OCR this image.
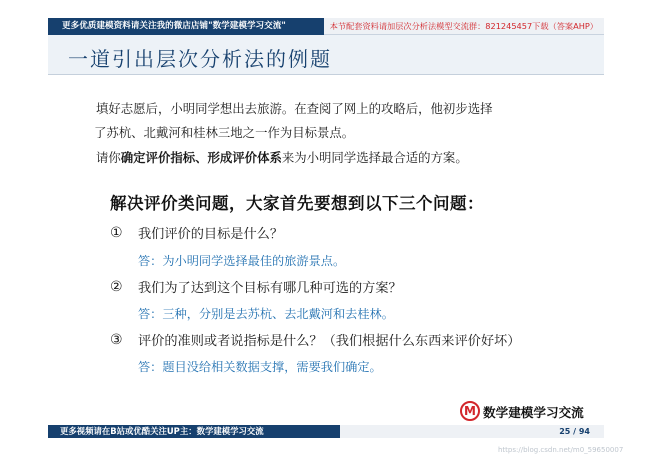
更多优质建模资料请关注我的微店店铺"数学建模学习交流"	本节配套资料请加层次分析法模型交流群：821245457下载（答案AHP）
一道引出层次分析法的例题
填好志愿后，小明同学想出去旅游。在查阅了网上的攻略后，他初步选择
了苏杭、北戴河和桂林三地之一作为目标景点。
请你确定评价指标、形成评价体系来为小明同学选择最合适的方案。
解决评价类问题，大家首先要想到以下三个问题：
①	我们评价的目标是什么？
答：为小明同学选择最佳的旅游景点。
②	我们为了达到这个目标有哪几种可选的方案？
答：三种，分别是去苏杭、去北戴河和去桂林。
③	评价的准则或者说指标是什么？（我们根据什么东西来评价好坏）
答：题目没给相关数据支撑，需要我们确定。
M 数学建模学习交流
更多视频请在B站或优酷关注UP主：数学建模学习交流	25 / 94
https://blog.csdn.net/m0_59650007
